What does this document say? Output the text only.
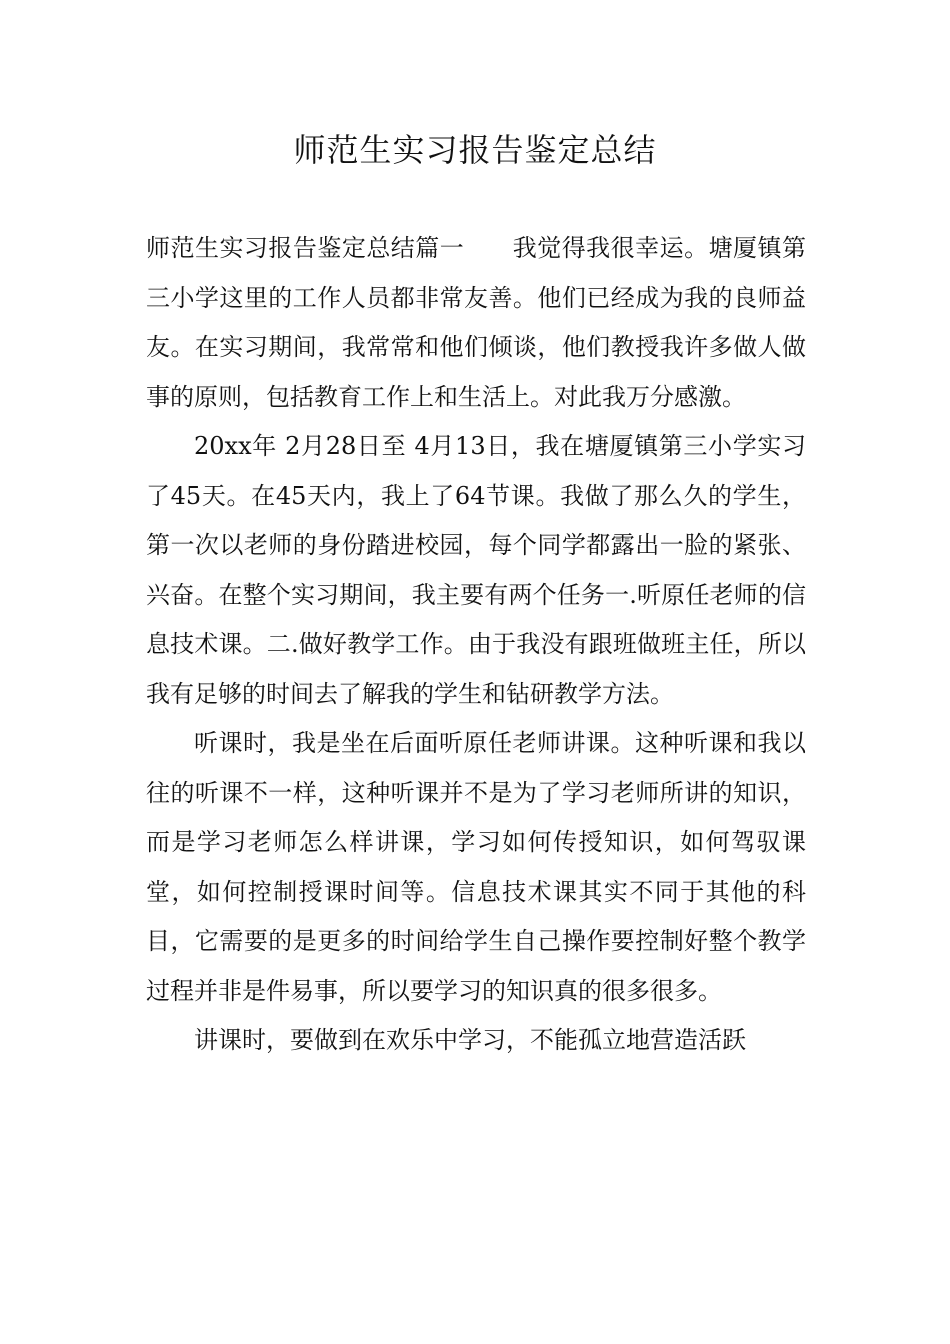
师范生实习报告鉴定总结

师范生实习报告鉴定总结篇一 我觉得我很幸运。塘厦镇第三小学这里的工作人员都非常友善。他们已经成为我的良师益友。在实习期间，我常常和他们倾谈，他们教授我许多做人做事的原则，包括教育工作上和生活上。对此我万分感激。

20xx年 2月28日至 4月13日，我在塘厦镇第三小学实习了45天。在45天内，我上了64节课。我做了那么久的学生，第一次以老师的身份踏进校园，每个同学都露出一脸的紧张、兴奋。在整个实习期间，我主要有两个任务一.听原任老师的信息技术课。二.做好教学工作。由于我没有跟班做班主任，所以我有足够的时间去了解我的学生和钻研教学方法。

听课时，我是坐在后面听原任老师讲课。这种听课和我以往的听课不一样，这种听课并不是为了学习老师所讲的知识，而是学习老师怎么样讲课，学习如何传授知识，如何驾驭课堂，如何控制授课时间等。信息技术课其实不同于其他的科目，它需要的是更多的时间给学生自己操作要控制好整个教学过程并非是件易事，所以要学习的知识真的很多很多。

讲课时，要做到在欢乐中学习，不能孤立地营造活跃
